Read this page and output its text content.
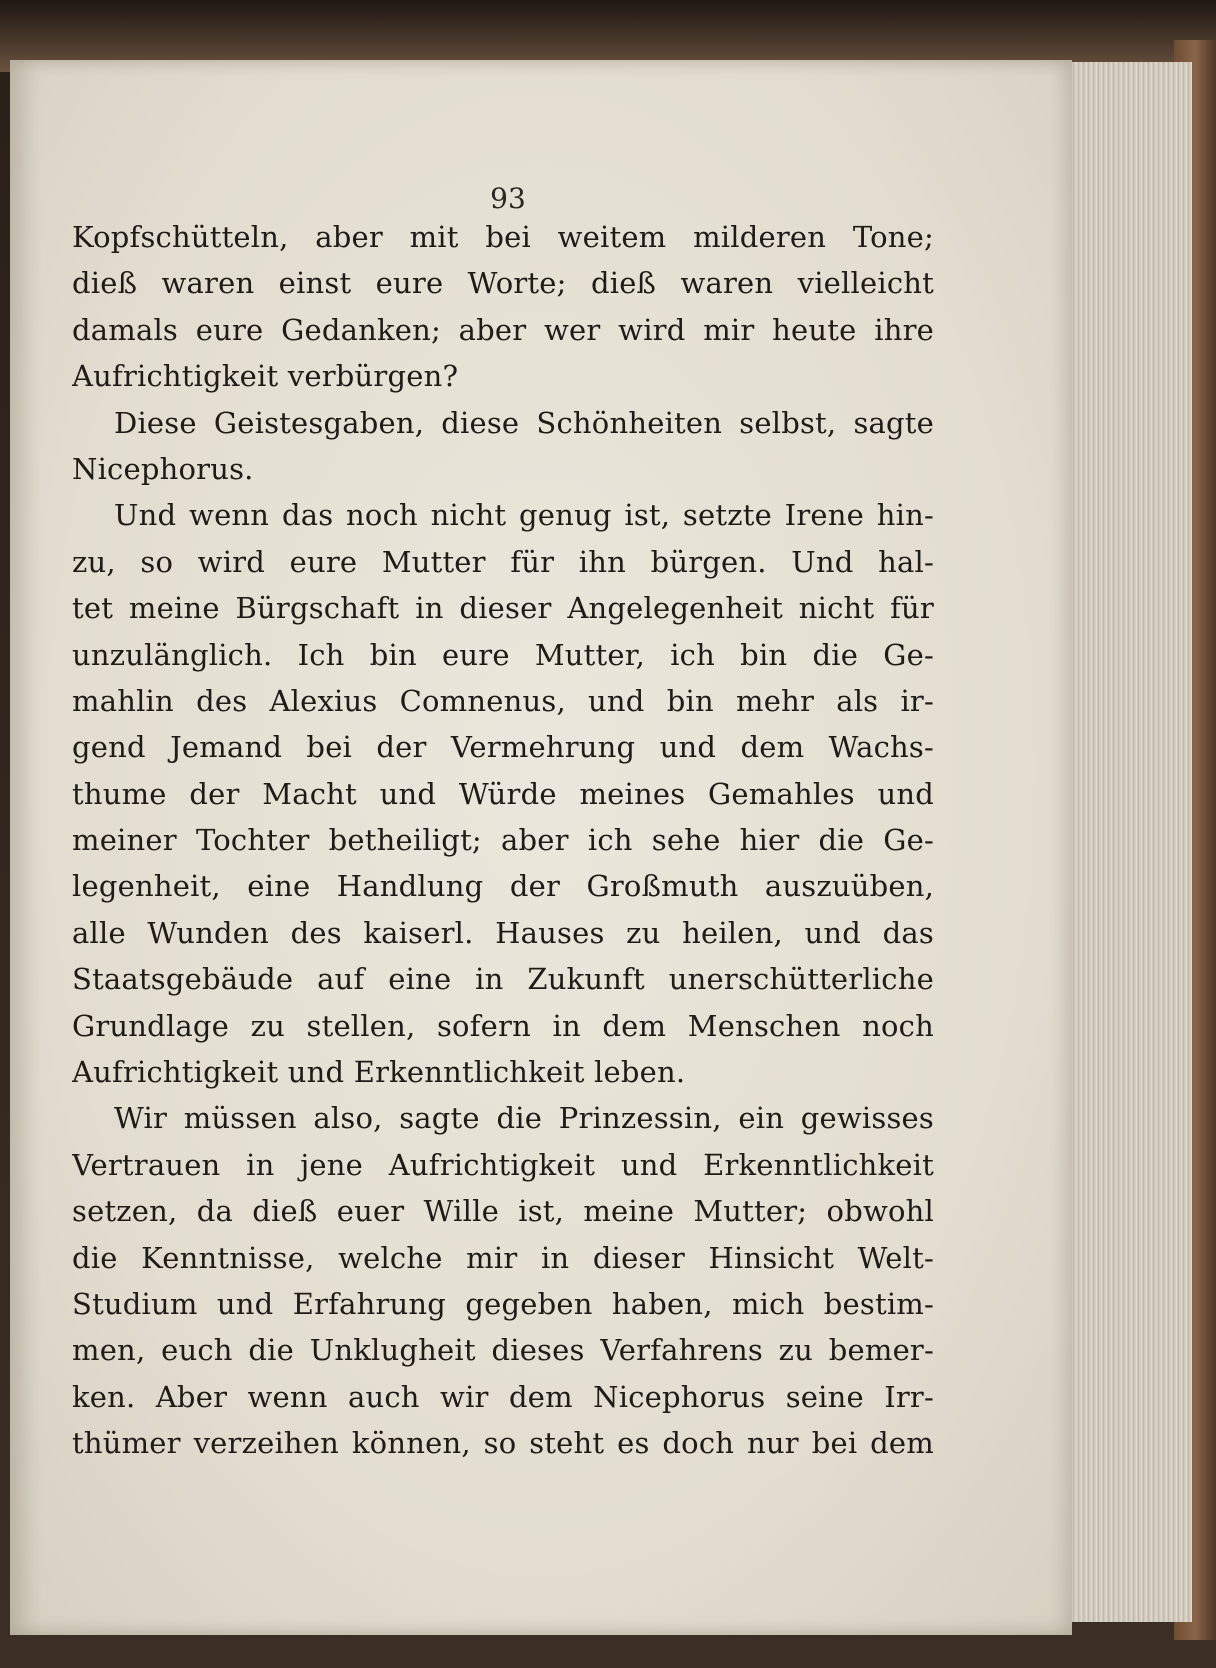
93
Kopfschütteln, aber mit bei weitem milderen Tone;
dieß waren einst eure Worte; dieß waren vielleicht
damals eure Gedanken; aber wer wird mir heute ihre
Aufrichtigkeit verbürgen?
Diese Geistesgaben, diese Schönheiten selbst, sagte
Nicephorus.
Und wenn das noch nicht genug ist, setzte Irene hin-
zu, so wird eure Mutter für ihn bürgen. Und hal-
tet meine Bürgschaft in dieser Angelegenheit nicht für
unzulänglich. Ich bin eure Mutter, ich bin die Ge-
mahlin des Alexius Comnenus, und bin mehr als ir-
gend Jemand bei der Vermehrung und dem Wachs-
thume der Macht und Würde meines Gemahles und
meiner Tochter betheiligt; aber ich sehe hier die Ge-
legenheit, eine Handlung der Großmuth auszuüben,
alle Wunden des kaiserl. Hauses zu heilen, und das
Staatsgebäude auf eine in Zukunft unerschütterliche
Grundlage zu stellen, sofern in dem Menschen noch
Aufrichtigkeit und Erkenntlichkeit leben.
Wir müssen also, sagte die Prinzessin, ein gewisses
Vertrauen in jene Aufrichtigkeit und Erkenntlichkeit
setzen, da dieß euer Wille ist, meine Mutter; obwohl
die Kenntnisse, welche mir in dieser Hinsicht Welt-
Studium und Erfahrung gegeben haben, mich bestim-
men, euch die Unklugheit dieses Verfahrens zu bemer-
ken. Aber wenn auch wir dem Nicephorus seine Irr-
thümer verzeihen können, so steht es doch nur bei dem
